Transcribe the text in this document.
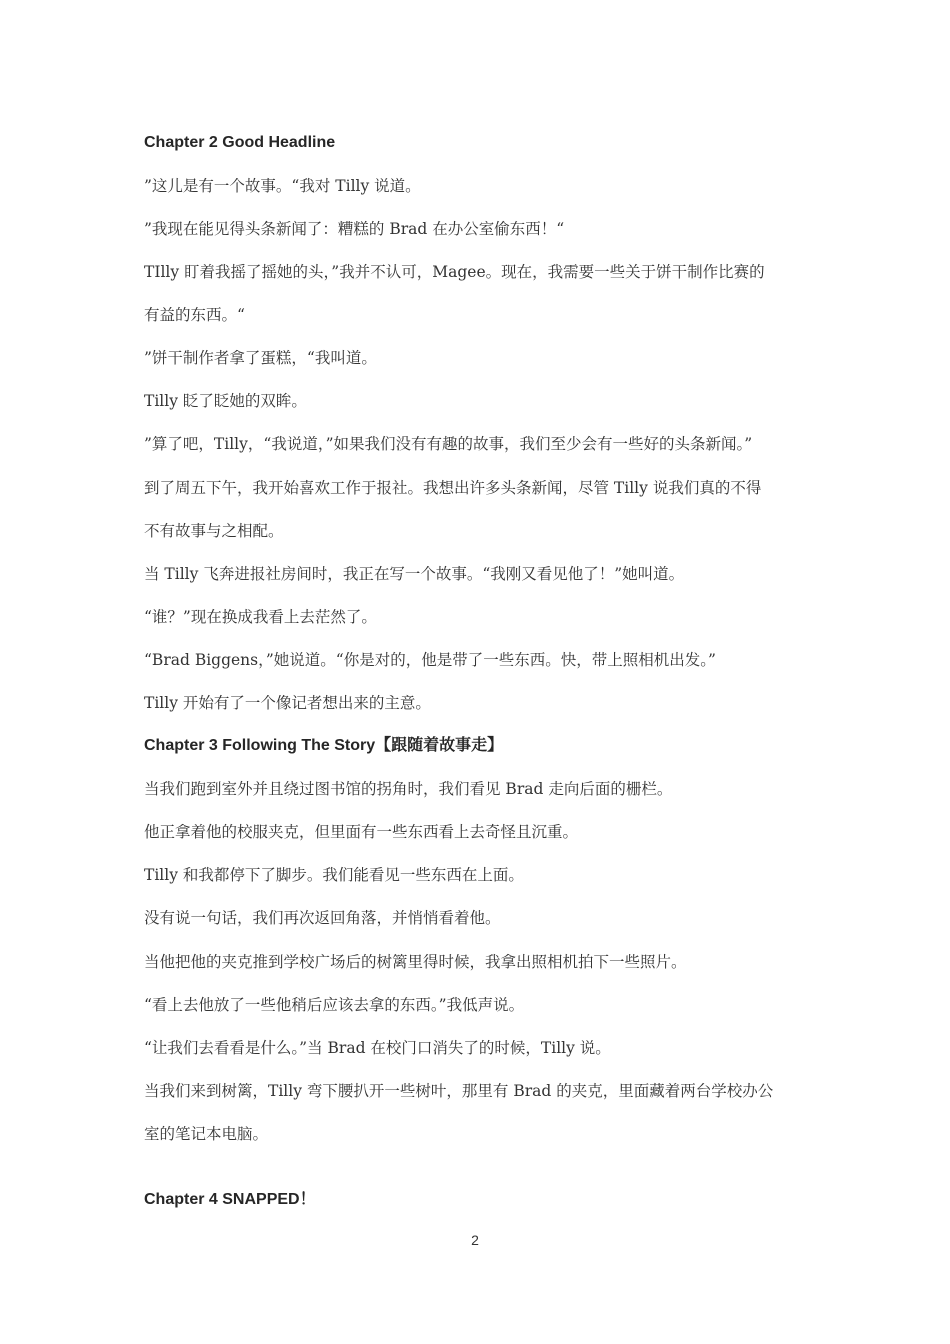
Chapter 2 Good Headline
”这儿是有一个故事。“我对 Tilly 说道。
”我现在能见得头条新闻了：糟糕的 Brad 在办公室偷东西！“
TIlly 盯着我摇了摇她的头，”我并不认可，Magee。现在，我需要一些关于饼干制作比赛的
有益的东西。“
”饼干制作者拿了蛋糕，“我叫道。
Tilly 眨了眨她的双眸。
”算了吧，Tilly，“我说道，”如果我们没有有趣的故事，我们至少会有一些好的头条新闻。”
到了周五下午，我开始喜欢工作于报社。我想出许多头条新闻，尽管 Tilly 说我们真的不得
不有故事与之相配。
当 Tilly 飞奔进报社房间时，我正在写一个故事。“我刚又看见他了！”她叫道。
“谁？”现在换成我看上去茫然了。
“Brad Biggens，”她说道。“你是对的，他是带了一些东西。快，带上照相机出发。”
Tilly 开始有了一个像记者想出来的主意。
Chapter 3 Following The Story【跟随着故事走】
当我们跑到室外并且绕过图书馆的拐角时，我们看见 Brad 走向后面的栅栏。
他正拿着他的校服夹克，但里面有一些东西看上去奇怪且沉重。
Tilly 和我都停下了脚步。我们能看见一些东西在上面。
没有说一句话，我们再次返回角落，并悄悄看着他。
当他把他的夹克推到学校广场后的树篱里得时候，我拿出照相机拍下一些照片。
“看上去他放了一些他稍后应该去拿的东西。”我低声说。
“让我们去看看是什么。”当 Brad 在校门口消失了的时候，Tilly 说。
当我们来到树篱，Tilly 弯下腰扒开一些树叶，那里有 Brad 的夹克，里面藏着两台学校办公
室的笔记本电脑。
Chapter 4 SNAPPED！
2
